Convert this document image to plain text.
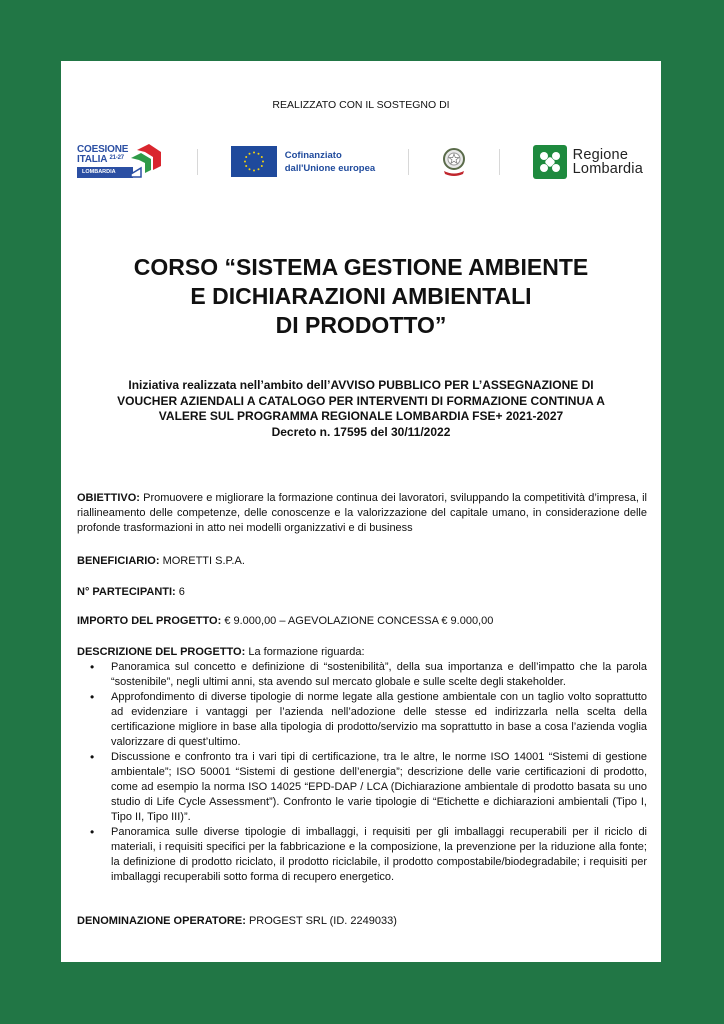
REALIZZATO CON IL SOSTEGNO DI
COESIONE
ITALIA $^{21-27}$
LOMBARDIA
Cofinanziato
dall'Unione europea
Regione
Lombardia
CORSO “SISTEMA GESTIONE AMBIENTE
E DICHIARAZIONI AMBIENTALI
DI PRODOTTO”
Iniziativa realizzata nell’ambito dell’AVVISO PUBBLICO PER L’ASSEGNAZIONE DI
VOUCHER AZIENDALI A CATALOGO PER INTERVENTI DI FORMAZIONE CONTINUA A
VALERE SUL PROGRAMMA REGIONALE LOMBARDIA FSE+ 2021-2027
Decreto n. 17595 del 30/11/2022
OBIETTIVO: Promuovere e migliorare la formazione continua dei lavoratori, sviluppando la competitività d’impresa, il riallineamento delle competenze, delle conoscenze e la valorizzazione del capitale umano, in considerazione delle profonde trasformazioni in atto nei modelli organizzativi e di business
BENEFICIARIO: MORETTI S.P.A.
N° PARTECIPANTI: 6
IMPORTO DEL PROGETTO: € 9.000,00 – AGEVOLAZIONE CONCESSA € 9.000,00
DESCRIZIONE DEL PROGETTO: La formazione riguarda:
• Panoramica sul concetto e definizione di “sostenibilità”, della sua importanza e dell’impatto che la parola “sostenibile”, negli ultimi anni, sta avendo sul mercato globale e sulle scelte degli stakeholder.
• Approfondimento di diverse tipologie di norme legate alla gestione ambientale con un taglio volto soprattutto ad evidenziare i vantaggi per l’azienda nell’adozione delle stesse ed indirizzarla nella scelta della certificazione migliore in base alla tipologia di prodotto/servizio ma soprattutto in base a cosa l’azienda voglia valorizzare di quest’ultimo.
• Discussione e confronto tra i vari tipi di certificazione, tra le altre, le norme ISO 14001 “Sistemi di gestione ambientale”; ISO 50001 “Sistemi di gestione dell’energia”; descrizione delle varie certificazioni di prodotto, come ad esempio la norma ISO 14025 “EPD-DAP / LCA (Dichiarazione ambientale di prodotto basata su uno studio di Life Cycle Assessment”). Confronto le varie tipologie di “Etichette e dichiarazioni ambientali (Tipo I, Tipo II, Tipo III)”.
• Panoramica sulle diverse tipologie di imballaggi, i requisiti per gli imballaggi recuperabili per il riciclo di materiali, i requisiti specifici per la fabbricazione e la composizione, la prevenzione per la riduzione alla fonte; la definizione di prodotto riciclato, il prodotto riciclabile, il prodotto compostabile/biodegradabile; i requisiti per imballaggi recuperabili sotto forma di recupero energetico.
DENOMINAZIONE OPERATORE: PROGEST SRL (ID. 2249033)
